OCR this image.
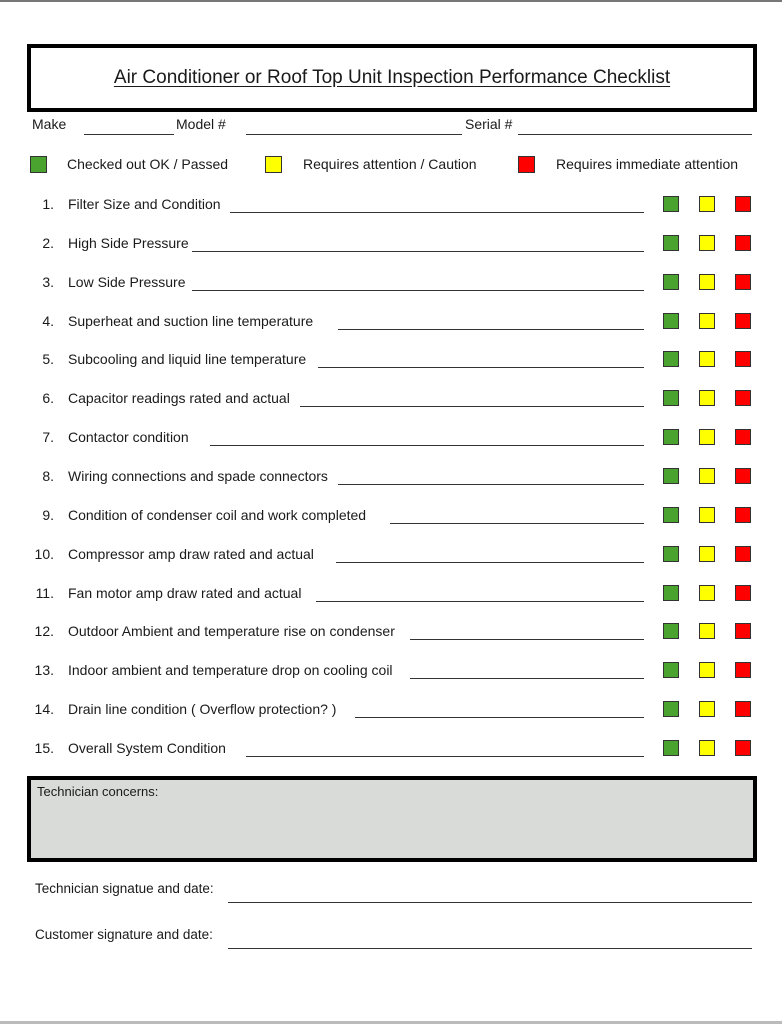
Air Conditioner or Roof Top Unit Inspection Performance Checklist
Make	Model #	Serial #
Checked out OK / Passed	Requires attention / Caution	Requires immediate attention
1. Filter Size and Condition
2. High Side Pressure
3. Low Side Pressure
4. Superheat and suction line temperature
5. Subcooling and liquid line temperature
6. Capacitor readings rated and actual
7. Contactor condition
8. Wiring connections and spade connectors
9. Condition of condenser coil and work completed
10. Compressor amp draw rated and actual
11. Fan motor amp draw rated and actual
12. Outdoor Ambient and temperature rise on condenser
13. Indoor ambient and temperature drop on cooling coil
14. Drain line condition ( Overflow protection? )
15. Overall System Condition
Technician concerns:
Technician signatue and date:
Customer signature and date:
